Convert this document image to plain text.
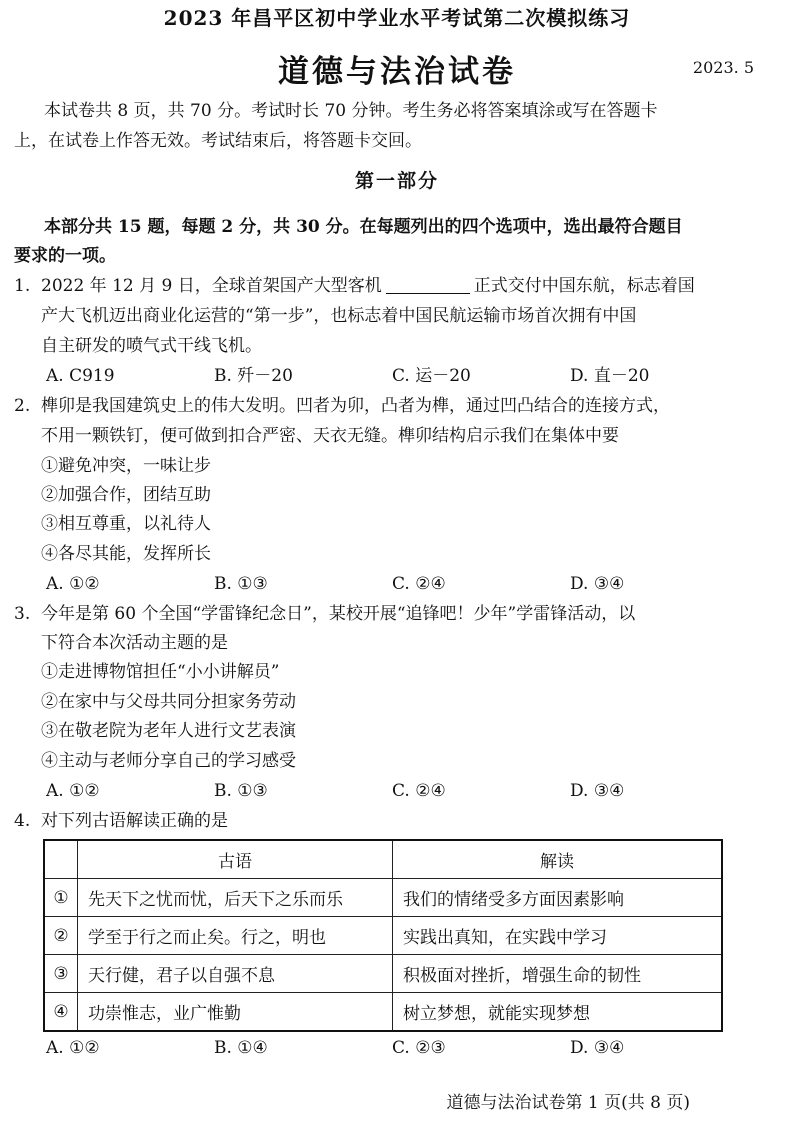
2023 年昌平区初中学业水平考试第二次模拟练习
道德与法治试卷	2023. 5
本试卷共 8 页，共 70 分。考试时长 70 分钟。考生务必将答案填涂或写在答题卡
上，在试卷上作答无效。考试结束后，将答题卡交回。
第一部分
本部分共 15 题，每题 2 分，共 30 分。在每题列出的四个选项中，选出最符合题目
要求的一项。
1. 2022 年 12 月 9 日，全球首架国产大型客机	正式交付中国东航，标志着国
产大飞机迈出商业化运营的“第一步”，也标志着中国民航运输市场首次拥有中国
自主研发的喷气式干线飞机。
A. C919	B. 歼－20	C. 运－20	D. 直－20
2. 榫卯是我国建筑史上的伟大发明。凹者为卯，凸者为榫，通过凹凸结合的连接方式，
不用一颗铁钉，便可做到扣合严密、天衣无缝。榫卯结构启示我们在集体中要
①避免冲突，一味让步
②加强合作，团结互助
③相互尊重，以礼待人
④各尽其能，发挥所长
A. ①②	B. ①③	C. ②④	D. ③④
3. 今年是第 60 个全国“学雷锋纪念日”，某校开展“追锋吧！少年”学雷锋活动，以
下符合本次活动主题的是
①走进博物馆担任“小小讲解员”
②在家中与父母共同分担家务劳动
③在敬老院为老年人进行文艺表演
④主动与老师分享自己的学习感受
A. ①②	B. ①③	C. ②④	D. ③④
4. 对下列古语解读正确的是
	古语	解读
①	先天下之忧而忧，后天下之乐而乐	我们的情绪受多方面因素影响
②	学至于行之而止矣。行之，明也	实践出真知，在实践中学习
③	天行健，君子以自强不息	积极面对挫折，增强生命的韧性
④	功崇惟志，业广惟勤	树立梦想，就能实现梦想
A. ①②	B. ①④	C. ②③	D. ③④
道德与法治试卷第 1 页(共 8 页)
